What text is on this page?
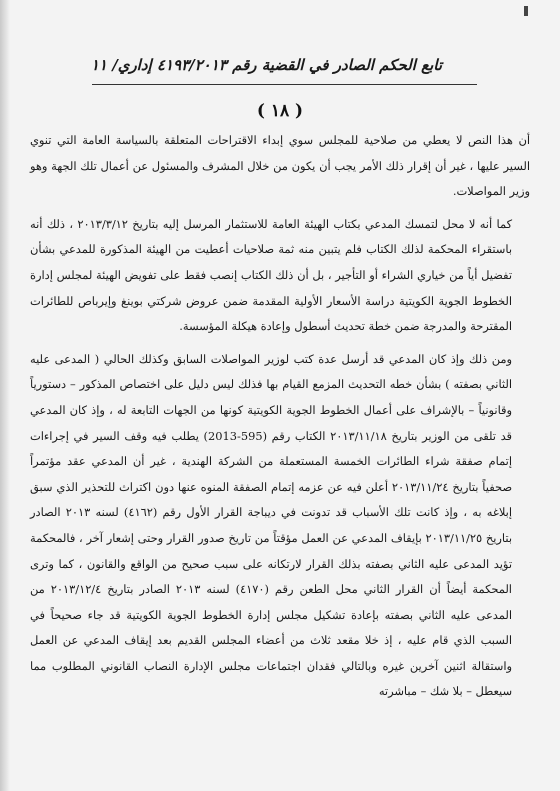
تابع الحكم الصادر في القضية رقم ٤١٩٣/٢٠١٣ إداري/ ١١
( ١٨ )

أن هذا النص لا يعطي من صلاحية للمجلس سوي إبداء الاقتراحات المتعلقة بالسياسة العامة التي تنوي السير عليها ، غير أن إقرار ذلك الأمر يجب أن يكون من خلال المشرف والمسئول عن أعمال تلك الجهة وهو وزير المواصلات.

كما أنه لا محل لتمسك المدعي بكتاب الهيئة العامة للاستثمار المرسل إليه بتاريخ ٢٠١٣/٣/١٢ ، ذلك أنه باستقراء المحكمة لذلك الكتاب فلم يتبين منه ثمة صلاحيات أعطيت من الهيئة المذكورة للمدعي بشأن تفضيل أياً من خياري الشراء أو التأجير ، بل أن ذلك الكتاب إنصب فقط على تفويض الهيئة لمجلس إدارة الخطوط الجوية الكويتية دراسة الأسعار الأولية المقدمة ضمن عروض شركتي بوينغ وإيرباص للطائرات المقترحة والمدرجة ضمن خطة تحديث أسطول وإعادة هيكلة المؤسسة.

ومن ذلك وإذ كان المدعي قد أرسل عدة كتب لوزير المواصلات السابق وكذلك الحالي ( المدعى عليه الثاني بصفته ) بشأن خطه التحديث المزمع القيام بها فذلك ليس دليل على اختصاص المذكور – دستورياً وقانونياً – بالإشراف على أعمال الخطوط الجوية الكويتية كونها من الجهات التابعة له ، وإذ كان المدعي قد تلقى من الوزير بتاريخ ٢٠١٣/١١/١٨ الكتاب رقم (595-2013) يطلب فيه وقف السير في إجراءات إتمام صفقة شراء الطائرات الخمسة المستعملة من الشركة الهندية ، غير أن المدعي عقد مؤتمراً صحفياً بتاريخ ٢٠١٣/١١/٢٤ أعلن فيه عن عزمه إتمام الصفقة المنوه عنها دون اكتراث للتحذير الذي سبق إبلاغه به ، وإذ كانت تلك الأسباب قد تدونت في ديباجة القرار الأول رقم (٤١٦٢) لسنه ٢٠١٣ الصادر بتاريخ ٢٠١٣/١١/٢٥ بإيقاف المدعي عن العمل مؤقتاً من تاريخ صدور القرار وحتى إشعار آخر ، فالمحكمة تؤيد المدعى عليه الثاني بصفته بذلك القرار لارتكانه على سبب صحيح من الواقع والقانون ، كما وترى المحكمة أيضاً أن القرار الثاني محل الطعن رقم (٤١٧٠) لسنه ٢٠١٣ الصادر بتاريخ ٢٠١٣/١٢/٤ من المدعى عليه الثاني بصفته بإعادة تشكيل مجلس إدارة الخطوط الجوية الكويتية قد جاء صحيحاً في السبب الذي قام عليه ، إذ خلا مقعد ثلاث من أعضاء المجلس القديم بعد إيقاف المدعي عن العمل واستقالة اثنين آخرين غيره وبالتالي فقدان اجتماعات مجلس الإدارة النصاب القانوني المطلوب مما سيعطل – بلا شك – مباشرته
